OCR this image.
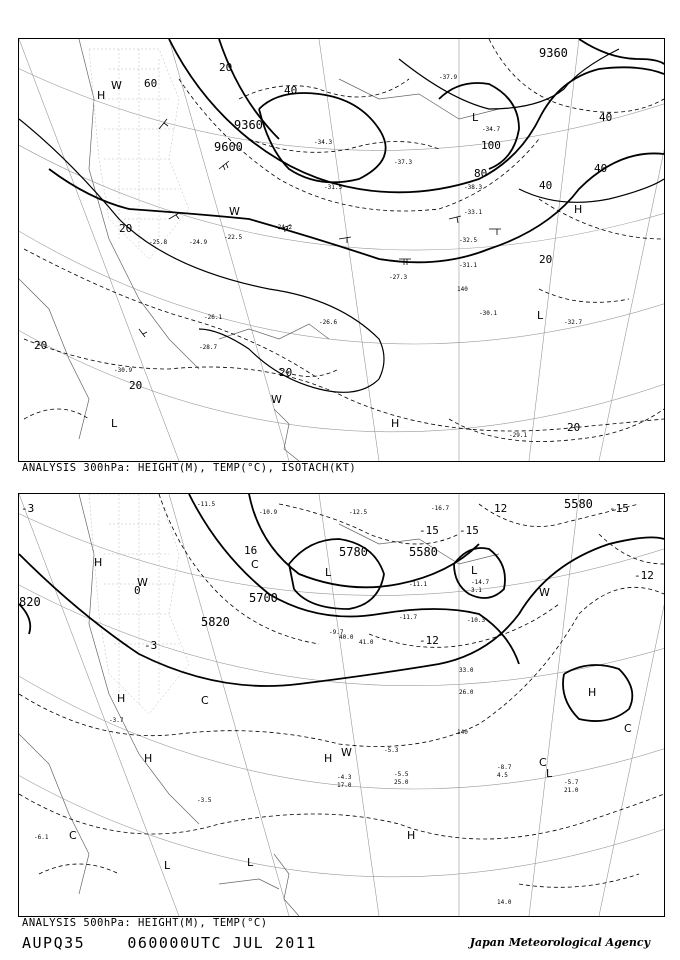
9360
9360
9600
20
40
60
80
100
20
20
20
20
20
20
40
40
40
H
W
L
H
L
H
W
L
W
-25.8	-24.9
-26.1
-28.7
-30.9
-31.5
-34.7
-37.3
-38.3
-33.1
-32.5
-31.1
-30.1
-32.7
-29.1
-27.3
-26.6
-22.5
-24.2
-37.9
-34.3
140
ANALYSIS 300hPa: HEIGHT(M), TEMP(°C), ISOTACH(KT)
5700
5580
5580
5780
5820
820
-3
0
-3	-12
-15 -15
-12
-15
12
16
H
W
L	L
C
H
C
H	H W
L	L
C
H
H
L
W
C
C
-11.5
-10.9	-12.5
-16.7
-14.7
-11.1
-11.7	-10.3
-9.7
-5.3
-5.5
-4.3
-3.5
-3.7
-8.7
-5.7
-6.1
40.0
41.0
33.0
26.0
25.0
21.0
17.0
14.0
4.5
3.1
140
ANALYSIS 500hPa: HEIGHT(M), TEMP(°C)
AUPQ35	060000UTC JUL 2011	Japan Meteorological Agency
